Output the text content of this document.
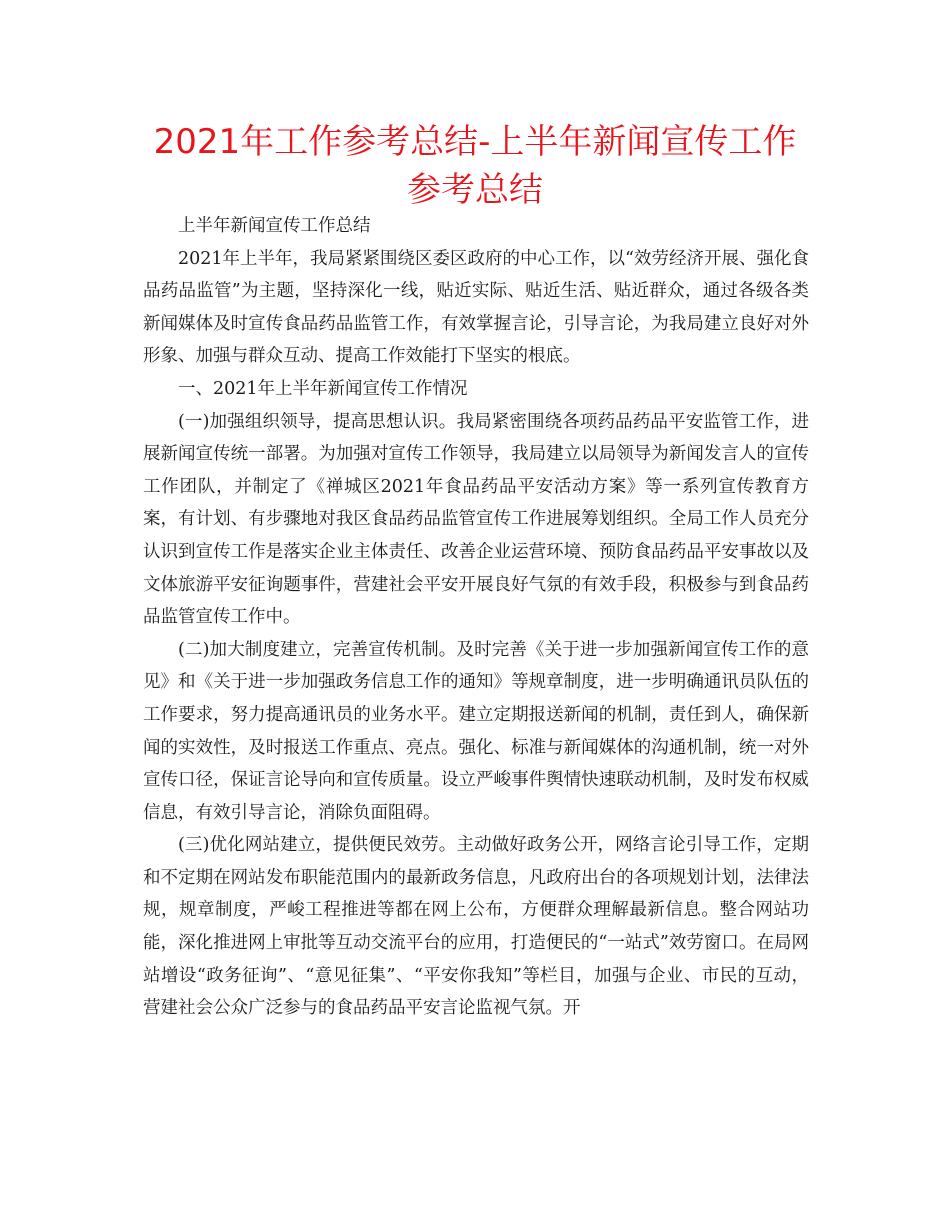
2021年工作参考总结-上半年新闻宣传工作参考总结

上半年新闻宣传工作总结

2021年上半年，我局紧紧围绕区委区政府的中心工作，以“效劳经济开展、强化食品药品监管”为主题，坚持深化一线，贴近实际、贴近生活、贴近群众，通过各级各类新闻媒体及时宣传食品药品监管工作，有效掌握言论，引导言论，为我局建立良好对外形象、加强与群众互动、提高工作效能打下坚实的根底。

一、2021年上半年新闻宣传工作情况

(一)加强组织领导，提高思想认识。我局紧密围绕各项药品药品平安监管工作，进展新闻宣传统一部署。为加强对宣传工作领导，我局建立以局领导为新闻发言人的宣传工作团队，并制定了《禅城区2021年食品药品平安活动方案》等一系列宣传教育方案，有计划、有步骤地对我区食品药品监管宣传工作进展筹划组织。全局工作人员充分认识到宣传工作是落实企业主体责任、改善企业运营环境、预防食品药品平安事故以及文体旅游平安征询题事件，营建社会平安开展良好气氛的有效手段，积极参与到食品药品监管宣传工作中。

(二)加大制度建立，完善宣传机制。及时完善《关于进一步加强新闻宣传工作的意见》和《关于进一步加强政务信息工作的通知》等规章制度，进一步明确通讯员队伍的工作要求，努力提高通讯员的业务水平。建立定期报送新闻的机制，责任到人，确保新闻的实效性，及时报送工作重点、亮点。强化、标准与新闻媒体的沟通机制，统一对外宣传口径，保证言论导向和宣传质量。设立严峻事件舆情快速联动机制，及时发布权威信息，有效引导言论，消除负面阻碍。

(三)优化网站建立，提供便民效劳。主动做好政务公开，网络言论引导工作，定期和不定期在网站发布职能范围内的最新政务信息，凡政府出台的各项规划计划，法律法规，规章制度，严峻工程推进等都在网上公布，方便群众理解最新信息。整合网站功能，深化推进网上审批等互动交流平台的应用，打造便民的“一站式”效劳窗口。在局网站增设“政务征询”、“意见征集”、“平安你我知”等栏目，加强与企业、市民的互动，营建社会公众广泛参与的食品药品平安言论监视气氛。开
